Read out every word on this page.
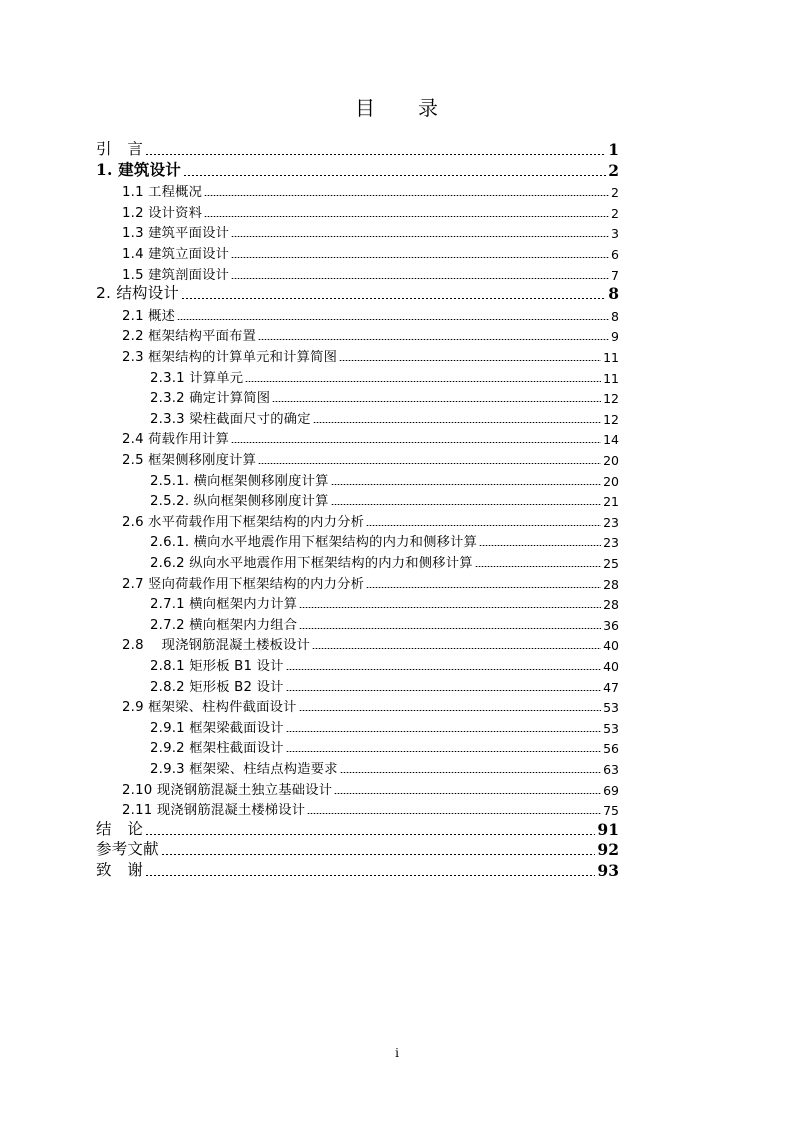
目　　录
引　言	1
1. 建筑设计	2
1.1 工程概况	2
1.2 设计资料	2
1.3 建筑平面设计	3
1.4 建筑立面设计	6
1.5 建筑剖面设计	7
2. 结构设计	8
2.1 概述	8
2.2 框架结构平面布置	9
2.3 框架结构的计算单元和计算简图	11
2.3.1 计算单元	11
2.3.2 确定计算简图	12
2.3.3 梁柱截面尺寸的确定	12
2.4 荷载作用计算	14
2.5 框架侧移刚度计算	20
2.5.1. 横向框架侧移刚度计算	20
2.5.2. 纵向框架侧移刚度计算	21
2.6 水平荷载作用下框架结构的内力分析	23
2.6.1. 横向水平地震作用下框架结构的内力和侧移计算	23
2.6.2 纵向水平地震作用下框架结构的内力和侧移计算	25
2.7 竖向荷载作用下框架结构的内力分析	28
2.7.1 横向框架内力计算	28
2.7.2 横向框架内力组合	36
2.8　 现浇钢筋混凝土楼板设计	40
2.8.1 矩形板 B1 设计	40
2.8.2 矩形板 B2 设计	47
2.9 框架梁、柱构件截面设计	53
2.9.1 框架梁截面设计	53
2.9.2 框架柱截面设计	56
2.9.3 框架梁、柱结点构造要求	63
2.10 现浇钢筋混凝土独立基础设计	69
2.11 现浇钢筋混凝土楼梯设计	75
结　论	91
参考文献	92
致　谢	93
i
